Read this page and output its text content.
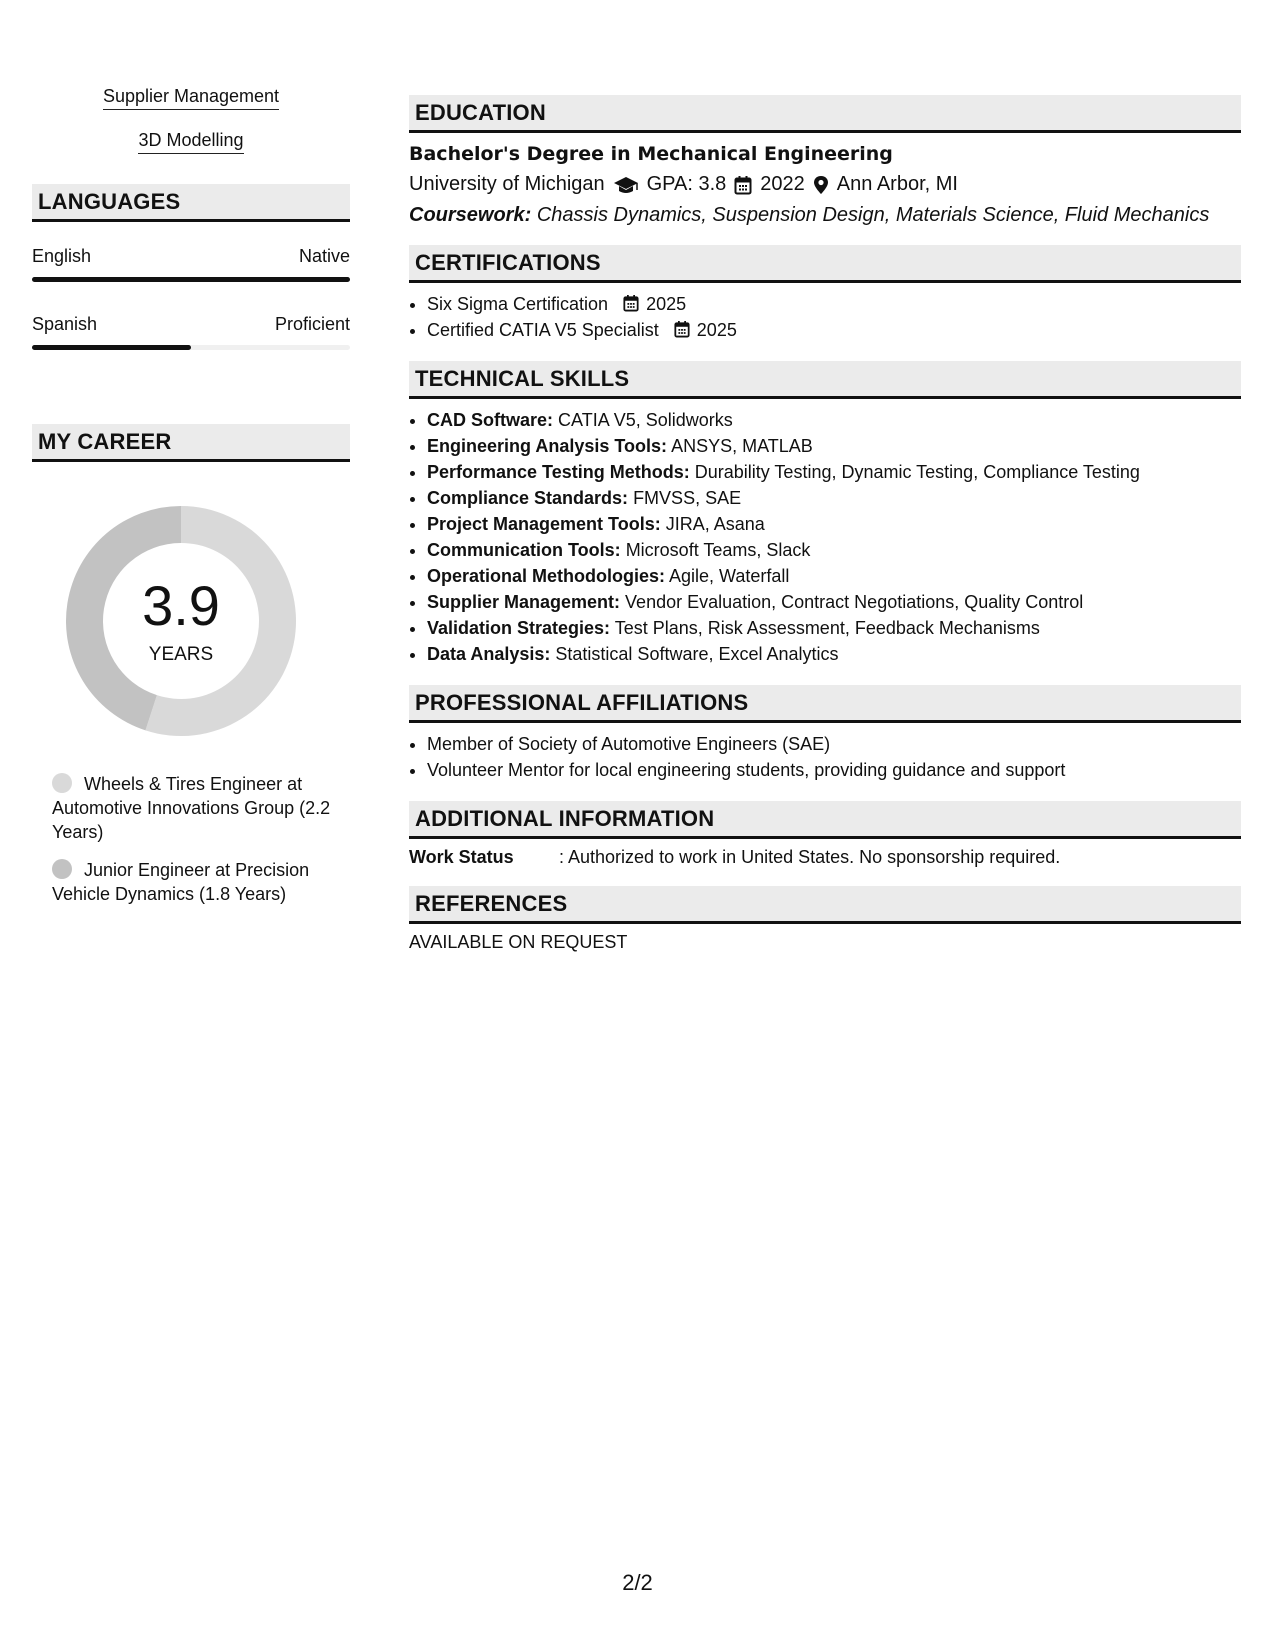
Supplier Management
3D Modelling
LANGUAGES
English	Native
Spanish	Proficient
MY CAREER
3.9
YEARS
Wheels & Tires Engineer at Automotive Innovations Group (2.2 Years)
Junior Engineer at Precision Vehicle Dynamics (1.8 Years)
EDUCATION
Bachelor's Degree in Mechanical Engineering
University of Michigan GPA: 3.8 2022 Ann Arbor, MI
Coursework: Chassis Dynamics, Suspension Design, Materials Science, Fluid Mechanics
CERTIFICATIONS
• Six Sigma Certification 2025
• Certified CATIA V5 Specialist 2025
TECHNICAL SKILLS
• CAD Software: CATIA V5, Solidworks
• Engineering Analysis Tools: ANSYS, MATLAB
• Performance Testing Methods: Durability Testing, Dynamic Testing, Compliance Testing
• Compliance Standards: FMVSS, SAE
• Project Management Tools: JIRA, Asana
• Communication Tools: Microsoft Teams, Slack
• Operational Methodologies: Agile, Waterfall
• Supplier Management: Vendor Evaluation, Contract Negotiations, Quality Control
• Validation Strategies: Test Plans, Risk Assessment, Feedback Mechanisms
• Data Analysis: Statistical Software, Excel Analytics
PROFESSIONAL AFFILIATIONS
• Member of Society of Automotive Engineers (SAE)
• Volunteer Mentor for local engineering students, providing guidance and support
ADDITIONAL INFORMATION
Work Status	: Authorized to work in United States. No sponsorship required.
REFERENCES
AVAILABLE ON REQUEST
2/2
